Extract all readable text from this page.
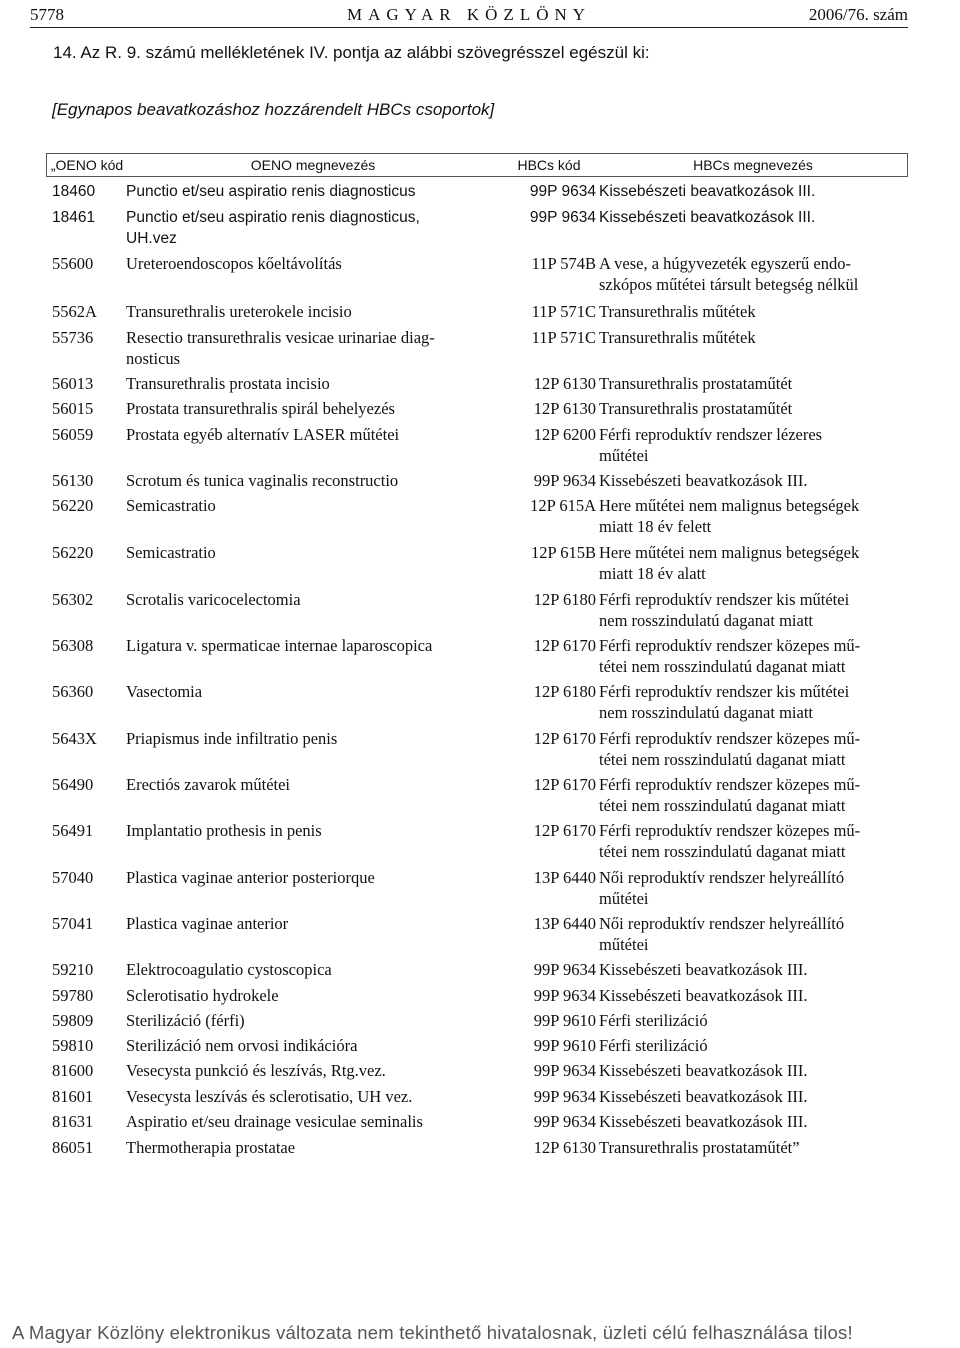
5778	MAGYAR KÖZLÖNY	2006/76. szám
14. Az R. 9. számú mellékletének IV. pontja az alábbi szövegrésszel egészül ki:
[Egynapos beavatkozáshoz hozzárendelt HBCs csoportok]
„OENO kód	OENO megnevezés	HBCs kód	HBCs megnevezés
18460	Punctio et/seu aspiratio renis diagnosticus	99P 9634 Kissebészeti beavatkozások III.
18461	Punctio et/seu aspiratio renis diagnosticus,
UH.vez
99P 9634 Kissebészeti beavatkozások III.
55600	Ureteroendoscopos kőeltávolítás	11P 574B A vese, a húgyvezeték egyszerű endo-
szkópos műtétei társult betegség nélkül
5562A	Transurethralis ureterokele incisio	11P 571C Transurethralis műtétek
55736	Resectio transurethralis vesicae urinariae diag-
nosticus
11P 571C Transurethralis műtétek
56013	Transurethralis prostata incisio	12P 6130 Transurethralis prostataműtét
56015	Prostata transurethralis spirál behelyezés	12P 6130 Transurethralis prostataműtét
56059	Prostata egyéb alternatív LASER műtétei	12P 6200 Férfi reproduktív rendszer lézeres
műtétei
56130	Scrotum és tunica vaginalis reconstructio	99P 9634 Kissebészeti beavatkozások III.
56220	Semicastratio	12P 615A Here műtétei nem malignus betegségek
miatt 18 év felett
56220	Semicastratio	12P 615B Here műtétei nem malignus betegségek
miatt 18 év alatt
56302	Scrotalis varicocelectomia	12P 6180 Férfi reproduktív rendszer kis műtétei
nem rosszindulatú daganat miatt
56308	Ligatura v. spermaticae internae laparoscopica	12P 6170 Férfi reproduktív rendszer közepes mű-
tétei nem rosszindulatú daganat miatt
56360	Vasectomia	12P 6180 Férfi reproduktív rendszer kis műtétei
nem rosszindulatú daganat miatt
5643X	Priapismus inde infiltratio penis	12P 6170 Férfi reproduktív rendszer közepes mű-
tétei nem rosszindulatú daganat miatt
56490	Erectiós zavarok műtétei	12P 6170 Férfi reproduktív rendszer közepes mű-
tétei nem rosszindulatú daganat miatt
56491	Implantatio prothesis in penis	12P 6170 Férfi reproduktív rendszer közepes mű-
tétei nem rosszindulatú daganat miatt
57040	Plastica vaginae anterior posteriorque	13P 6440 Női reproduktív rendszer helyreállító
műtétei
57041	Plastica vaginae anterior	13P 6440 Női reproduktív rendszer helyreállító
műtétei
59210	Elektrocoagulatio cystoscopica	99P 9634 Kissebészeti beavatkozások III.
59780	Sclerotisatio hydrokele	99P 9634 Kissebészeti beavatkozások III.
59809	Sterilizáció (férfi)	99P 9610 Férfi sterilizáció
59810	Sterilizáció nem orvosi indikációra	99P 9610 Férfi sterilizáció
81600	Vesecysta punkció és leszívás, Rtg.vez.	99P 9634 Kissebészeti beavatkozások III.
81601	Vesecysta leszívás és sclerotisatio, UH vez.	99P 9634 Kissebészeti beavatkozások III.
81631	Aspiratio et/seu drainage vesiculae seminalis	99P 9634 Kissebészeti beavatkozások III.
86051	Thermotherapia prostatae	12P 6130 Transurethralis prostataműtét”
A Magyar Közlöny elektronikus változata nem tekinthető hivatalosnak, üzleti célú felhasználása tilos!
